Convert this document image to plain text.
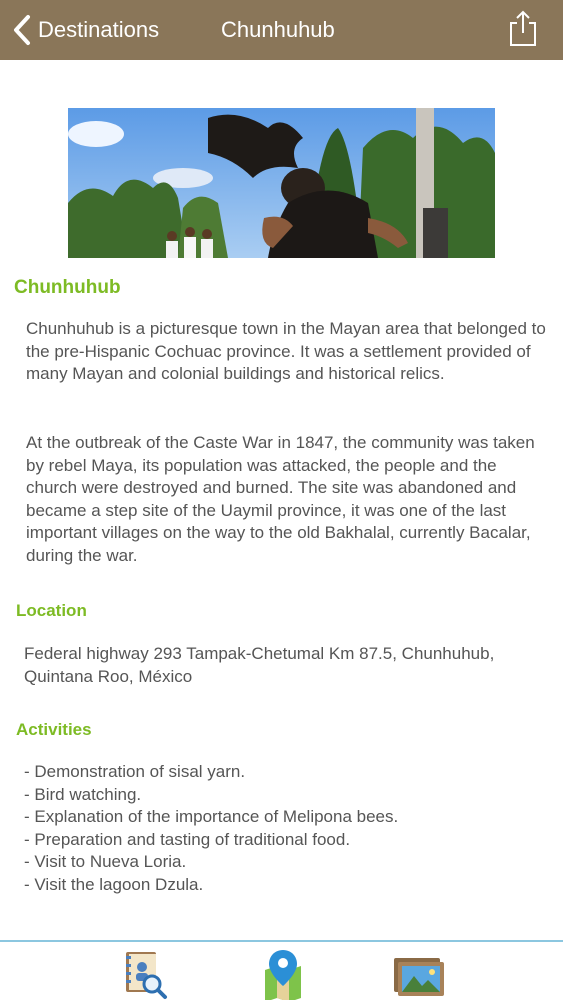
Destinations	Chunhuhub
Chunhuhub

Chunhuhub is a picturesque town in the Mayan area that belonged to the pre-Hispanic Cochuac province. It was a settlement provided of many Mayan and colonial buildings and historical relics.

At the outbreak of the Caste War in 1847, the community was taken by rebel Maya, its population was attacked, the people and the church were destroyed and burned. The site was abandoned and became a step site of the Uaymil province, it was one of the last important villages on the way to the old Bakhalal, currently Bacalar, during the war.

Location

Federal highway 293 Tampak-Chetumal Km 87.5, Chunhuhub, Quintana Roo, México

Activities
- Demonstration of sisal yarn.
- Bird watching.
- Explanation of the importance of Melipona bees.
- Preparation and tasting of traditional food.
- Visit to Nueva Loria.
- Visit the lagoon Dzula.
